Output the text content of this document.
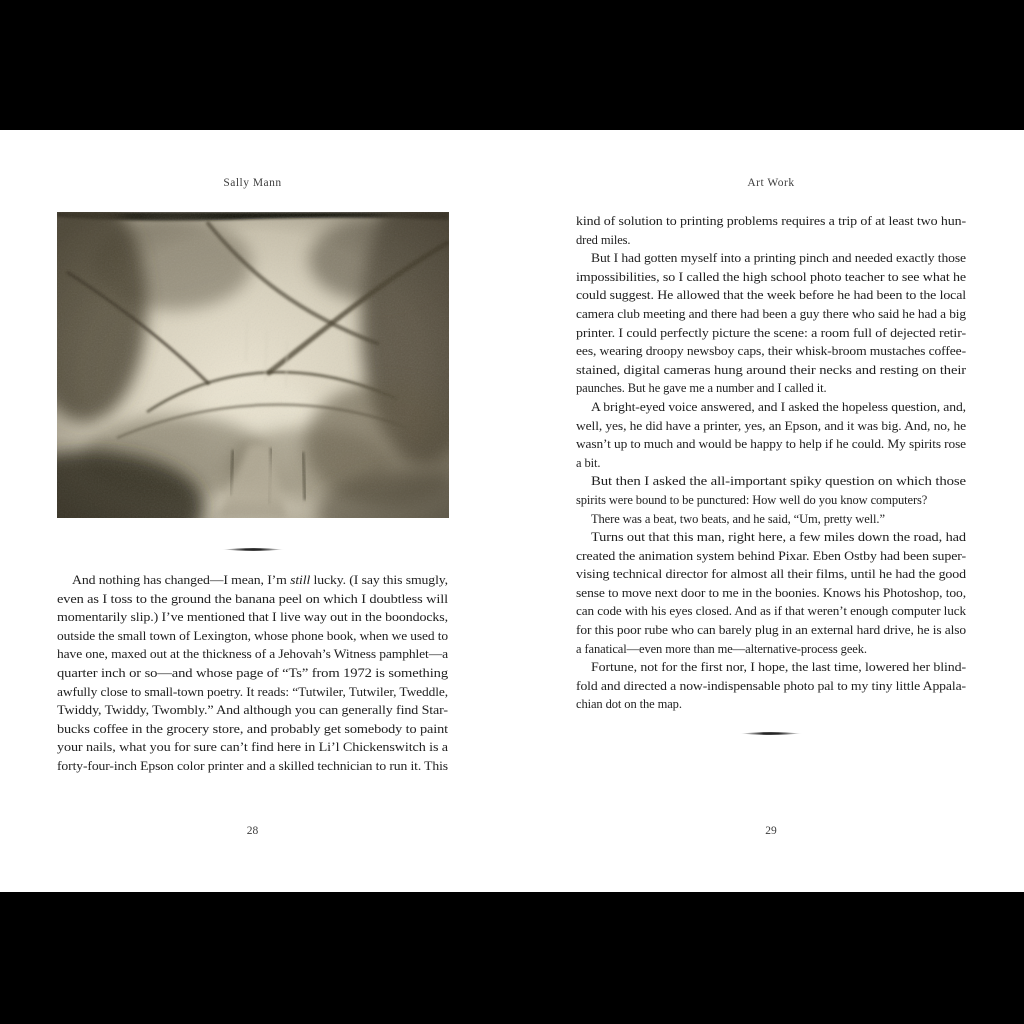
Sally Mann
And nothing has changed—I mean, I’m still lucky. (I say this smugly,
even as I toss to the ground the banana peel on which I doubtless will
momentarily slip.) I’ve mentioned that I live way out in the boondocks,
outside the small town of Lexington, whose phone book, when we used to
have one, maxed out at the thickness of a Jehovah’s Witness pamphlet—a
quarter inch or so—and whose page of “Ts” from 1972 is something
awfully close to small-town poetry. It reads: “Tutwiler, Tutwiler, Tweddle,
Twiddy, Twiddy, Twombly.” And although you can generally find Star-
bucks coffee in the grocery store, and probably get somebody to paint
your nails, what you for sure can’t find here in Li’l Chickenswitch is a
forty-four-inch Epson color printer and a skilled technician to run it. This
28
Art Work
kind of solution to printing problems requires a trip of at least two hun-
dred miles.
But I had gotten myself into a printing pinch and needed exactly those
impossibilities, so I called the high school photo teacher to see what he
could suggest. He allowed that the week before he had been to the local
camera club meeting and there had been a guy there who said he had a big
printer. I could perfectly picture the scene: a room full of dejected retir-
ees, wearing droopy newsboy caps, their whisk-broom mustaches coffee-
stained, digital cameras hung around their necks and resting on their
paunches. But he gave me a number and I called it.
A bright-eyed voice answered, and I asked the hopeless question, and,
well, yes, he did have a printer, yes, an Epson, and it was big. And, no, he
wasn’t up to much and would be happy to help if he could. My spirits rose
a bit.
But then I asked the all-important spiky question on which those
spirits were bound to be punctured: How well do you know computers?
There was a beat, two beats, and he said, “Um, pretty well.”
Turns out that this man, right here, a few miles down the road, had
created the animation system behind Pixar. Eben Ostby had been super-
vising technical director for almost all their films, until he had the good
sense to move next door to me in the boonies. Knows his Photoshop, too,
can code with his eyes closed. And as if that weren’t enough computer luck
for this poor rube who can barely plug in an external hard drive, he is also
a fanatical—even more than me—alternative-process geek.
Fortune, not for the first nor, I hope, the last time, lowered her blind-
fold and directed a now-indispensable photo pal to my tiny little Appala-
chian dot on the map.
29
